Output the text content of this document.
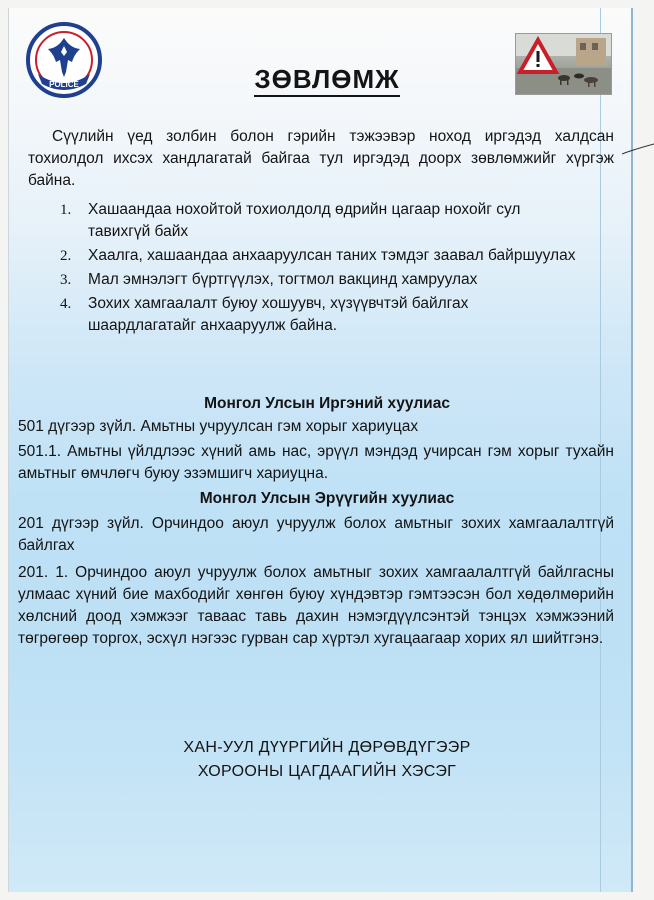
POLICE	ЗӨВЛӨМЖ

Сүүлийн үед золбин болон гэрийн тэжээвэр ноход иргэдэд халдсан тохиолдол ихсэх хандлагатай байгаа тул иргэдэд доорх зөвлөмжийг хүргэж байна.

1. Хашаандаа нохойтой тохиолдолд өдрийн цагаар нохойг сул тавихгүй байх
2. Хаалга, хашаандаа анхааруулсан таних тэмдэг заавал байршуулах
3. Мал эмнэлэгт бүртгүүлэх, тогтмол вакцинд хамруулах
4. Зохих хамгаалалт буюу хошуувч, хүзүүвчтэй байлгах шаардлагатайг анхааруулж байна.
Монгол Улсын Иргэний хуулиас

501 дүгээр зүйл. Амьтны учруулсан гэм хорыг хариуцах

501.1. Амьтны үйлдлээс хүний амь нас, эрүүл мэндэд учирсан гэм хорыг тухайн амьтныг өмчлөгч буюу эзэмшигч хариуцна.

Монгол Улсын Эрүүгийн хуулиас

201 дүгээр зүйл. Орчиндоо аюул учруулж болох амьтныг зохих хамгаалалтгүй байлгах

201. 1. Орчиндоо аюул учруулж болох амьтныг зохих хамгаалалтгүй байлгасны улмаас хүний бие махбодийг хөнгөн буюу хүндэвтэр гэмтээсэн бол хөдөлмөрийн хөлсний доод хэмжээг таваас тавь дахин нэмэгдүүлсэнтэй тэнцэх хэмжээний төгрөгөөр торгох, эсхүл нэгээс гурван сар хүртэл хугацаагаар хорих ял шийтгэнэ.

ХАН-УУЛ ДҮҮРГИЙН ДӨРӨВДҮГЭЭР
ХОРООНЫ ЦАГДААГИЙН ХЭСЭГ
